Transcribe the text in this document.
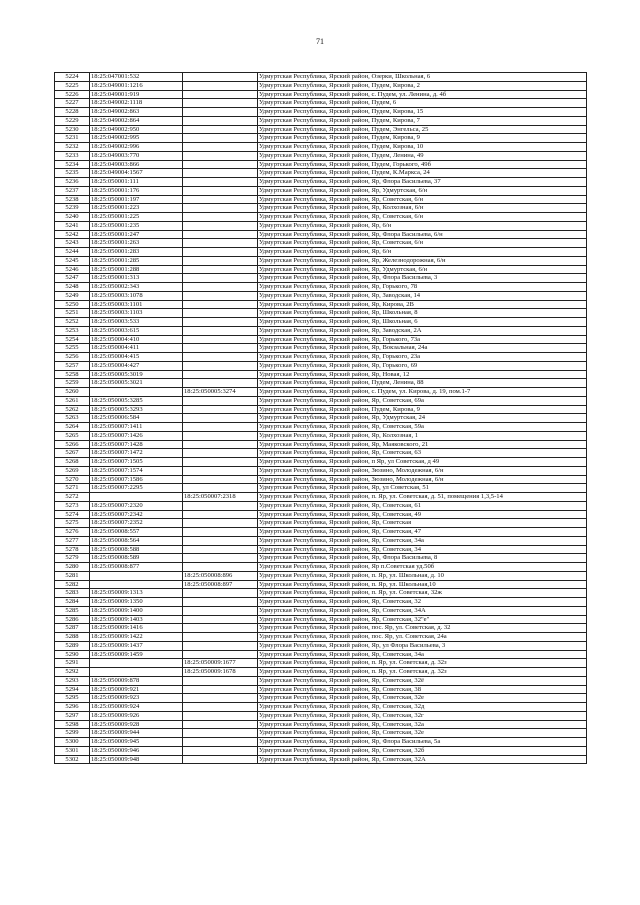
71
5224	18:25:047001:532		Удмуртская Республика, Ярский район, Озерки, Школьная, 6
5225	18:25:049001:1216		Удмуртская Республика, Ярский район, Пудем, Кирова, 2
5226	18:25:049001:919		Удмуртская Республика, Ярский район, с. Пудем, ул. Ленина, д. 4б
5227	18:25:049002:1118		Удмуртская Республика, Ярский район, Пудем, 6
5228	18:25:049002:863		Удмуртская Республика, Ярский район, Пудем, Кирова, 15
5229	18:25:049002:864		Удмуртская Республика, Ярский район, Пудем, Кирова, 7
5230	18:25:049002:950		Удмуртская Республика, Ярский район, Пудем, Энгельса, 25
5231	18:25:049002:995		Удмуртская Республика, Ярский район, Пудем, Кирова, 9
5232	18:25:049002:996		Удмуртская Республика, Ярский район, Пудем, Кирова, 10
5233	18:25:049003:770		Удмуртская Республика, Ярский район, Пудем, Ленина, 49
5234	18:25:049003:866		Удмуртская Республика, Ярский район, Пудем, Горького, 49б
5235	18:25:049004:1567		Удмуртская Республика, Ярский район, Пудем, К.Маркса, 24
5236	18:25:050001:111		Удмуртская Республика, Ярский район, Яр, Флора Васильева, 37
5237	18:25:050001:176		Удмуртская Республика, Ярский район, Яр, Удмуртская, 6/н
5238	18:25:050001:197		Удмуртская Республика, Ярский район, Яр, Советская, 6/н
5239	18:25:050001:223		Удмуртская Республика, Ярский район, Яр, Колхозная, 6/н
5240	18:25:050001:225		Удмуртская Республика, Ярский район, Яр, Советская, 6/н
5241	18:25:050001:235		Удмуртская Республика, Ярский район, Яр, 6/н
5242	18:25:050001:247		Удмуртская Республика, Ярский район, Яр, Флора Васильева, 6/н
5243	18:25:050001:263		Удмуртская Республика, Ярский район, Яр, Советская, 6/н
5244	18:25:050001:283		Удмуртская Республика, Ярский район, Яр, 6/н
5245	18:25:050001:285		Удмуртская Республика, Ярский район, Яр, Железнодорожная, 6/н
5246	18:25:050001:288		Удмуртская Республика, Ярский район, Яр, Удмуртская, 6/н
5247	18:25:050001:313		Удмуртская Республика, Ярский район, Яр, Флора Васильева, 3
5248	18:25:050002:343		Удмуртская Республика, Ярский район, Яр, Горького, 78
5249	18:25:050003:1078		Удмуртская Республика, Ярский район, Яр, Заводская, 14
5250	18:25:050003:1101		Удмуртская Республика, Ярский район, Яр, Кирова, 2В
5251	18:25:050003:1103		Удмуртская Республика, Ярский район, Яр, Школьная, 8
5252	18:25:050003:533		Удмуртская Республика, Ярский район, Яр, Школьная, 6
5253	18:25:050003:615		Удмуртская Республика, Ярский район, Яр, Заводская, 2А
5254	18:25:050004:410		Удмуртская Республика, Ярский район, Яр, Горького, 73а
5255	18:25:050004:411		Удмуртская Республика, Ярский район, Яр, Вокзальная, 24а
5256	18:25:050004:415		Удмуртская Республика, Ярский район, Яр, Горького, 23а
5257	18:25:050004:427		Удмуртская Республика, Ярский район, Яр, Горького, 69
5258	18:25:050005:3019		Удмуртская Республика, Ярский район, Яр, Новая, 12
5259	18:25:050005:3021		Удмуртская Республика, Ярский район, Пудем, Ленина, 88
5260		18:25:050005:3274	Удмуртская Республика, Ярский район, с. Пудем, ул. Кирова, д. 19, пом.1-7
5261	18:25:050005:3285		Удмуртская Республика, Ярский район, Яр, Советская, 69а
5262	18:25:050005:3293		Удмуртская Республика, Ярский район, Пудем, Кирова, 9
5263	18:25:050006:584		Удмуртская Республика, Ярский район, Яр, Удмуртская, 24
5264	18:25:050007:1411		Удмуртская Республика, Ярский район, Яр, Советская, 59а
5265	18:25:050007:1426		Удмуртская Республика, Ярский район, Яр, Колхозная, 1
5266	18:25:050007:1428		Удмуртская Республика, Ярский район, Яр, Маяковского, 21
5267	18:25:050007:1472		Удмуртская Республика, Ярский район, Яр, Советская, 63
5268	18:25:050007:1505		Удмуртская Республика, Ярский район, п Яр, ул Советская, д 49
5269	18:25:050007:1574		Удмуртская Республика, Ярский район, Зюзино, Молодежная, 6/н
5270	18:25:050007:1586		Удмуртская Республика, Ярский район, Зюзино, Молодежная, 6/н
5271	18:25:050007:2295		Удмуртская Республика, Ярский район, Яр, ул Советская, 51
5272		18:25:050007:2318	Удмуртская Республика, Ярский район, п. Яр, ул. Советская, д. 51, помещения 1,3,5-14
5273	18:25:050007:2320		Удмуртская Республика, Ярский район, Яр, Советская, 61
5274	18:25:050007:2342		Удмуртская Республика, Ярский район, Яр, Советская, 49
5275	18:25:050007:2352		Удмуртская Республика, Ярский район, Яр, Советская
5276	18:25:050008:557		Удмуртская Республика, Ярский район, Яр, Советская, 47
5277	18:25:050008:564		Удмуртская Республика, Ярский район, Яр, Советская, 34а
5278	18:25:050008:588		Удмуртская Республика, Ярский район, Яр, Советская, 34
5279	18:25:050008:589		Удмуртская Республика, Ярский район, Яр, Флора Васильева, 8
5280	18:25:050008:877		Удмуртская Республика, Ярский район, Яр п.Советская уд.50б
5281		18:25:050008:896	Удмуртская Республика, Ярский район, п. Яр, ул. Школьная, д. 10
5282		18:25:050008:897	Удмуртская Республика, Ярский район, п. Яр, ул. Школьная,10
5283	18:25:050009:1313		Удмуртская Республика, Ярский район, п. Яр, ул. Советская, 32ж
5284	18:25:050009:1350		Удмуртская Республика, Ярский район, Яр, Советская, 32
5285	18:25:050009:1400		Удмуртская Республика, Ярский район, Яр, Советская, 34А
5286	18:25:050009:1403		Удмуртская Республика, Ярский район, Яр, Советская, 32"е"
5287	18:25:050009:1416		Удмуртская Республика, Ярский район, пос. Яр, ул. Советская, д. 32
5288	18:25:050009:1422		Удмуртская Республика, Ярский район, пос. Яр, ул. Советская, 24а
5289	18:25:050009:1437		Удмуртская Республика, Ярский район, Яр, ул Флора Васильева, 3
5290	18:25:050009:1459		Удмуртская Республика, Ярский район, Яр, Советская, 34а
5291		18:25:050009:1677	Удмуртская Республика, Ярский район, п. Яр, ул. Советская, д. 32з
5292		18:25:050009:1678	Удмуртская Республика, Ярский район, п. Яр, ул. Советская, д. 32з
5293	18:25:050009:878		Удмуртская Республика, Ярский район, Яр, Советская, 32ё
5294	18:25:050009:921		Удмуртская Республика, Ярский район, Яр, Советская, 38
5295	18:25:050009:923		Удмуртская Республика, Ярский район, Яр, Советская, 32е
5296	18:25:050009:924		Удмуртская Республика, Ярский район, Яр, Советская, 32д
5297	18:25:050009:926		Удмуртская Республика, Ярский район, Яр, Советская, 32г
5298	18:25:050009:928		Удмуртская Республика, Ярский район, Яр, Советская, 32а
5299	18:25:050009:944		Удмуртская Республика, Ярский район, Яр, Советская, 32е
5300	18:25:050009:945		Удмуртская Республика, Ярский район, Яр, Флора Васильева, 5а
5301	18:25:050009:946		Удмуртская Республика, Ярский район, Яр, Советская, 32б
5302	18:25:050009:948		Удмуртская Республика, Ярский район, Яр, Советская, 32А
